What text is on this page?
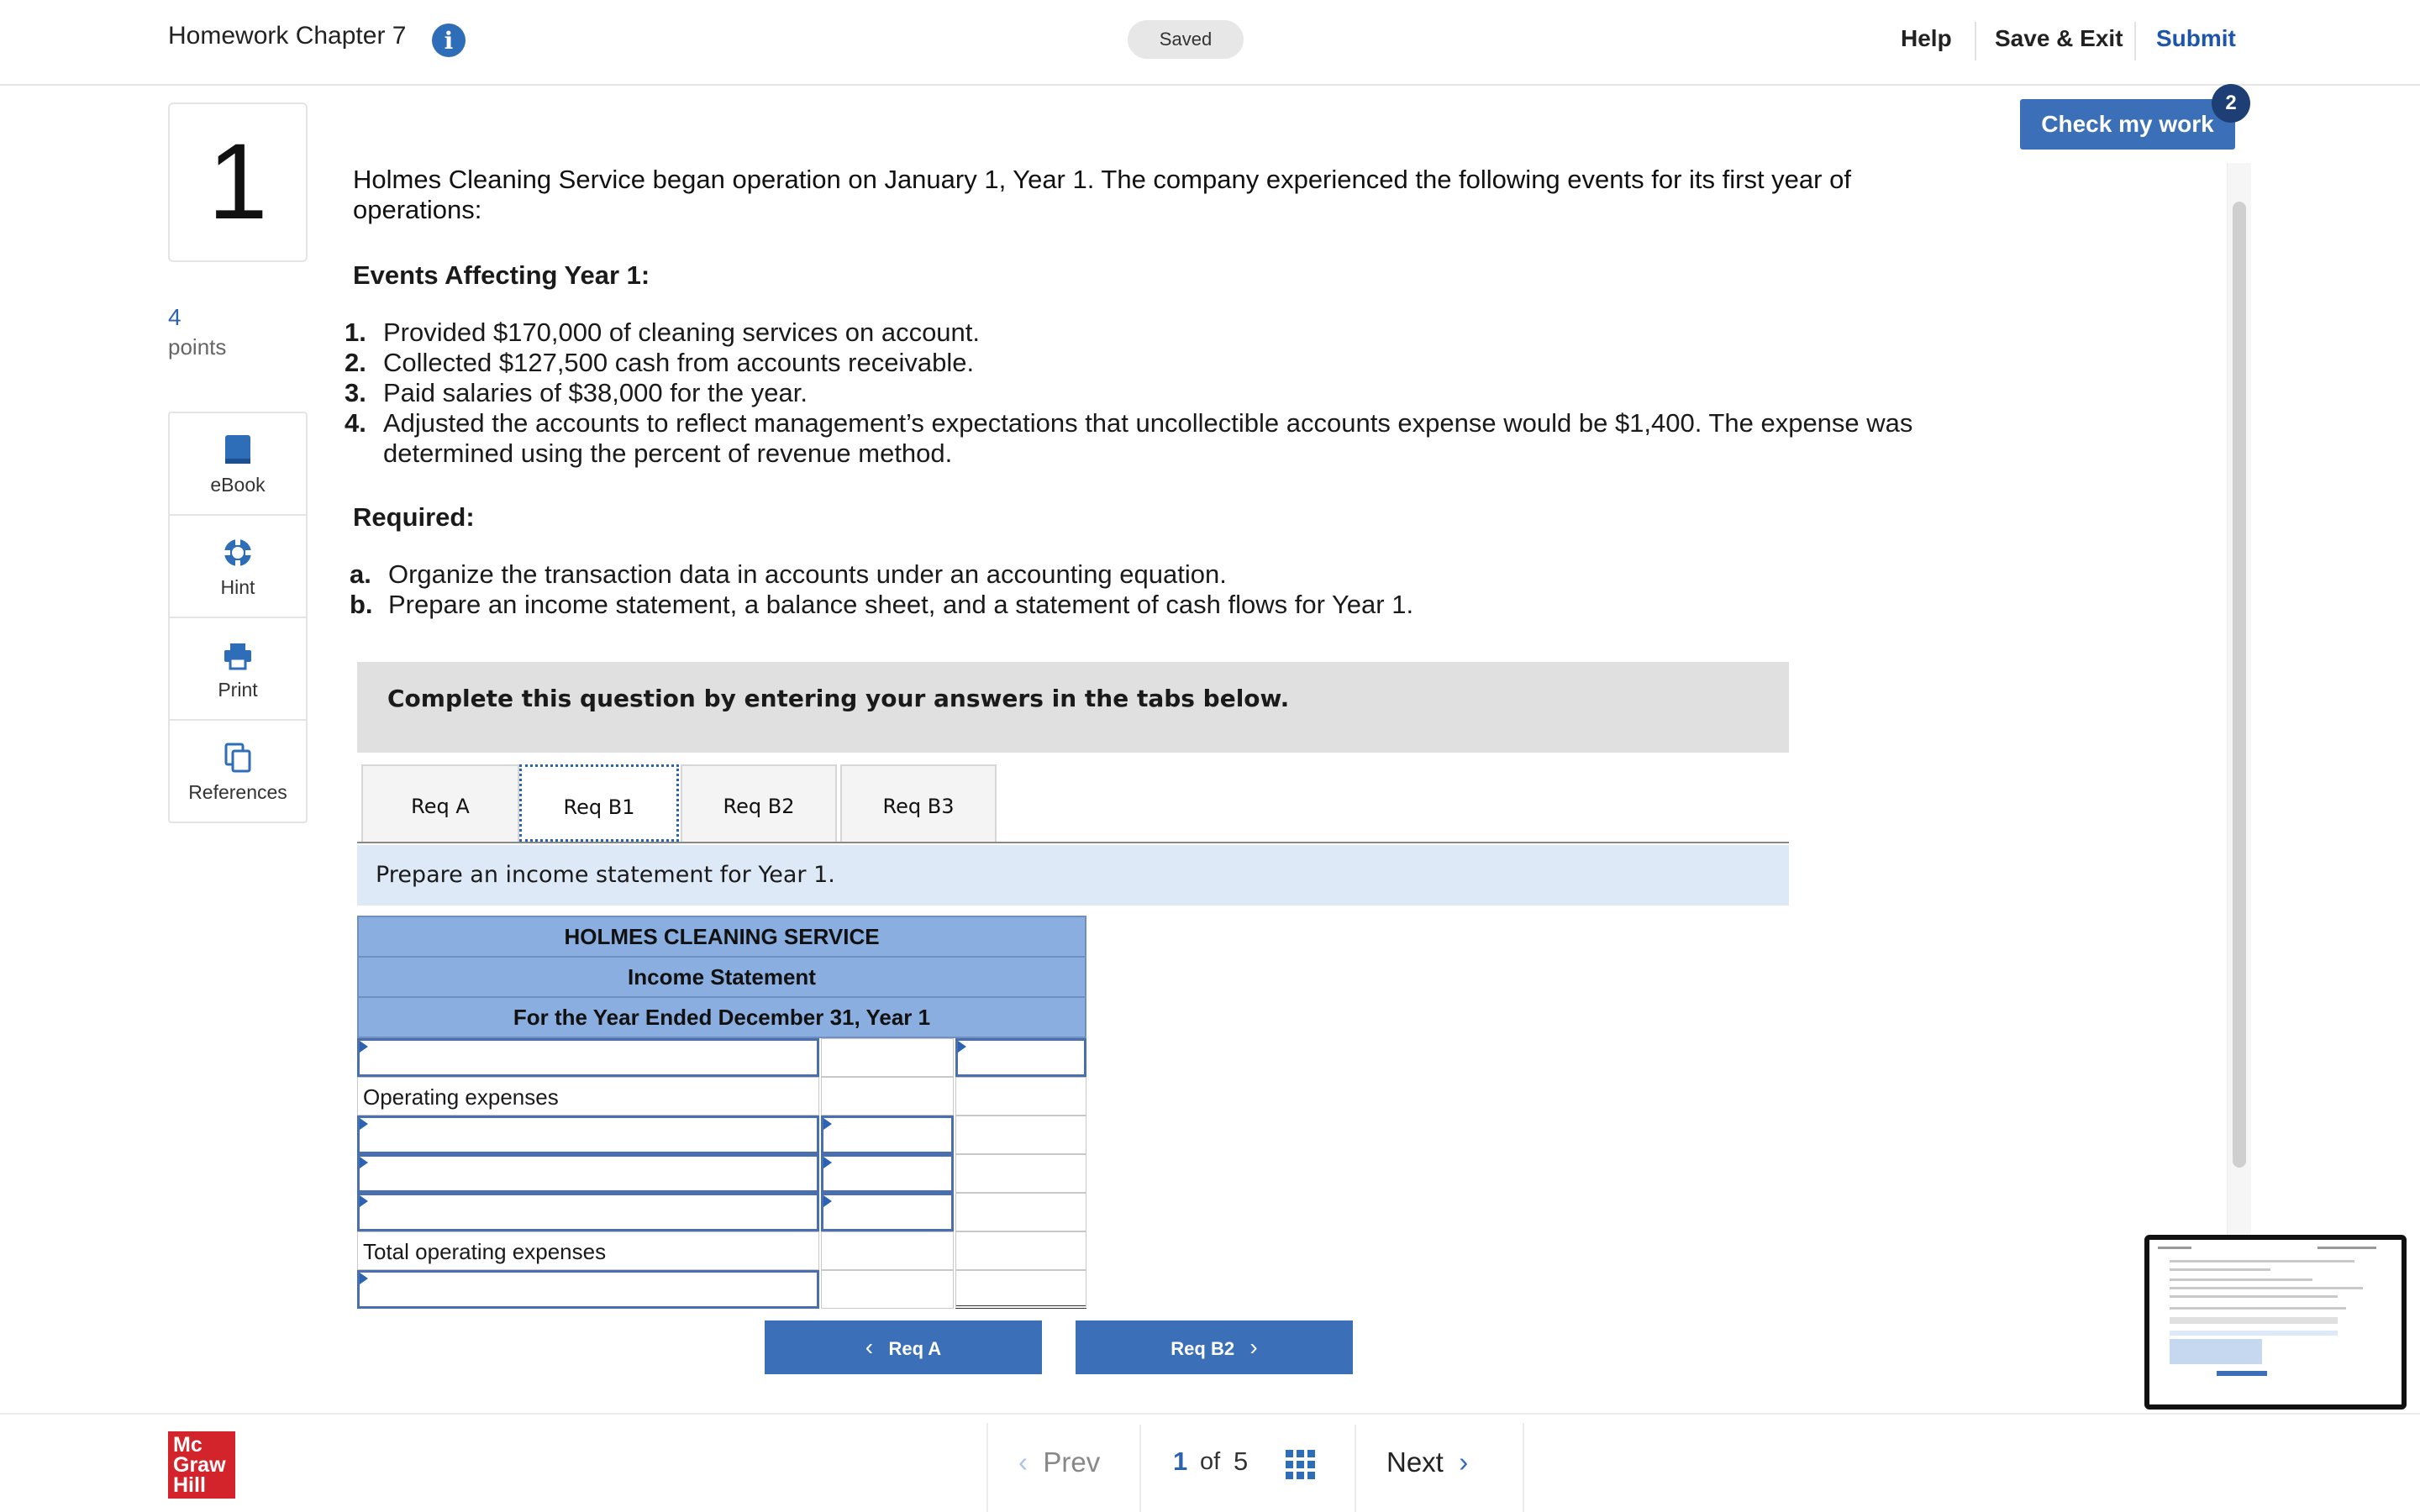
Homework Chapter 7	i	Saved	Help Save & Exit Submit
1
4
points
eBook
Hint
Print
References
Holmes Cleaning Service began operation on January 1, Year 1. The company experienced the following events for its first year of operations:
Events Affecting Year 1:
1. Provided $170,000 of cleaning services on account.
2. Collected $127,500 cash from accounts receivable.
3. Paid salaries of $38,000 for the year.
4. Adjusted the accounts to reflect management’s expectations that uncollectible accounts expense would be $1,400. The expense was determined using the percent of revenue method.
Required:
a. Organize the transaction data in accounts under an accounting equation.
b. Prepare an income statement, a balance sheet, and a statement of cash flows for Year 1.
Complete this question by entering your answers in the tabs below.
Req A	Req B1	Req B2	Req B3
Prepare an income statement for Year 1.
HOLMES CLEANING SERVICE
Income Statement
For the Year Ended December 31, Year 1
Operating expenses
Total operating expenses
‹ Req A	Req B2 ›
Check my work
2
Mc
Graw
Hill
‹ Prev	1 of 5	Next ›
